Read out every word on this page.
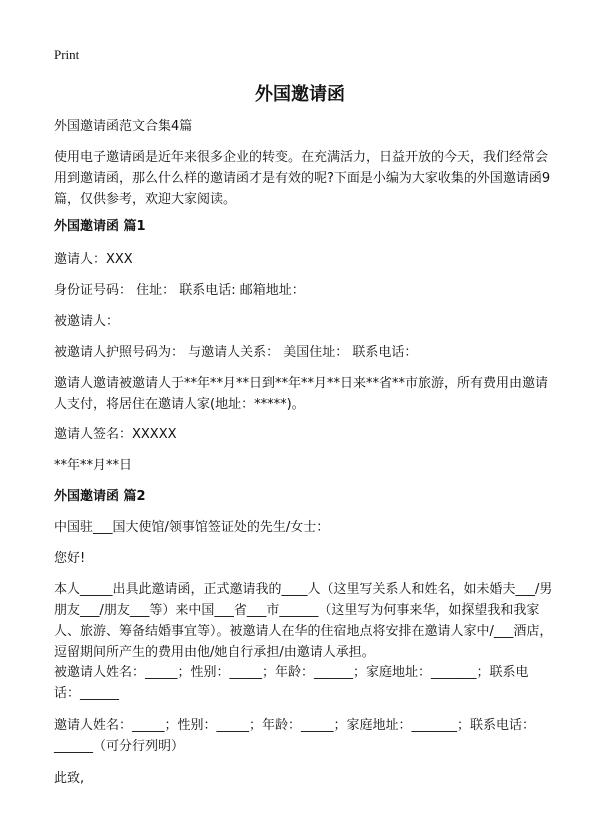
Print
外国邀请函

外国邀请函范文合集4篇

使用电子邀请函是近年来很多企业的转变。在充满活力，日益开放的今天，我们经常会用到邀请函，那么什么样的邀请函才是有效的呢?下面是小编为大家收集的外国邀请函9篇，仅供参考，欢迎大家阅读。

外国邀请函 篇1

邀请人：XXX

身份证号码： 住址： 联系电话: 邮箱地址：

被邀请人：

被邀请人护照号码为： 与邀请人关系： 美国住址： 联系电话：

邀请人邀请被邀请人于**年**月**日到**年**月**日来**省**市旅游，所有费用由邀请人支付，将居住在邀请人家(地址：*****)。

邀请人签名：XXXXX

**年**月**日

外国邀请函 篇2

中国驻___国大使馆/领事馆签证处的先生/女士：

您好!

本人_____出具此邀请函，正式邀请我的____人（这里写关系人和姓名，如未婚夫___/男朋友___/朋友___等）来中国___省___市______（这里写为何事来华，如探望我和我家人、旅游、筹备结婚事宜等）。被邀请人在华的住宿地点将安排在邀请人家中/___酒店，逗留期间所产生的费用由他/她自行承担/由邀请人承担。

被邀请人姓名：_____；性别：_____；年龄：______；家庭地址：_______；联系电话：______

邀请人姓名：_____；性别：_____；年龄：_____；家庭地址：_______；联系电话：______（可分行列明）

此致,
